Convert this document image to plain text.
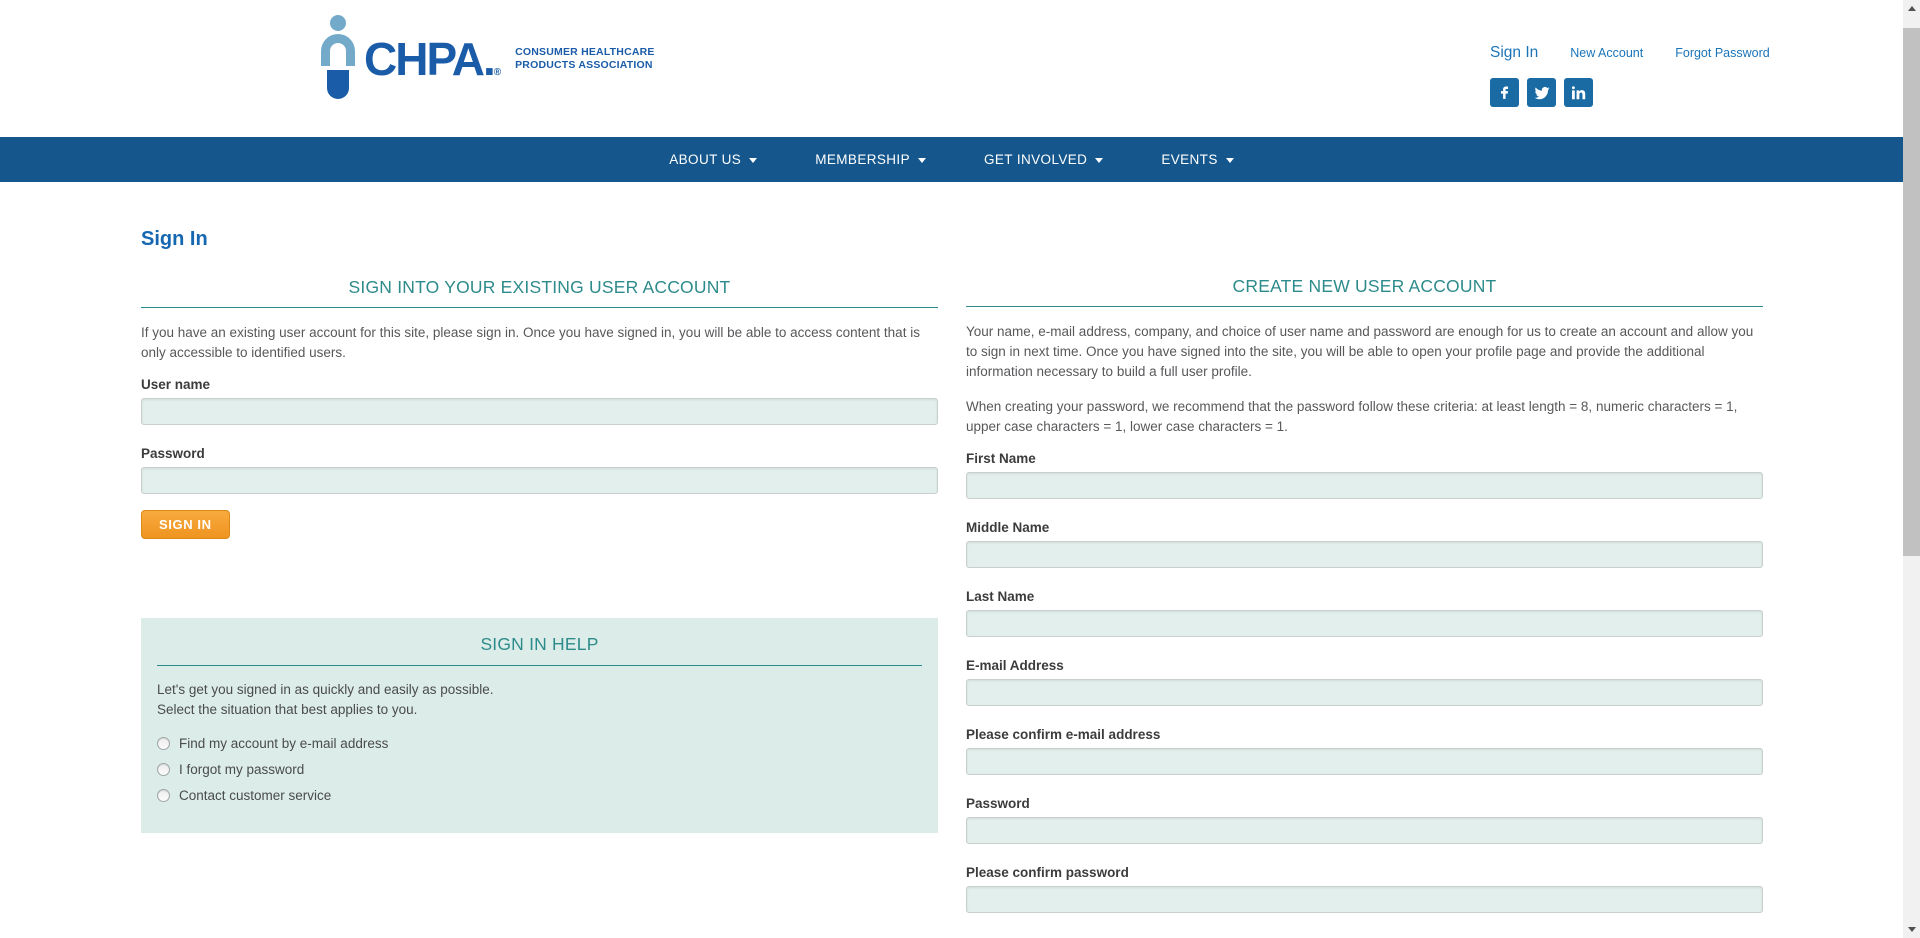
CHPA.®
CONSUMER HEALTHCARE
PRODUCTS ASSOCIATION
Sign In	New Account	Forgot Password
ABOUT US	MEMBERSHIP	GET INVOLVED	EVENTS
Sign In
SIGN INTO YOUR EXISTING USER ACCOUNT

If you have an existing user account for this site, please sign in. Once you have signed in, you will be able to access content that is only accessible to identified users.

User name
Password
SIGN IN
SIGN IN HELP
Let's get you signed in as quickly and easily as possible.
Select the situation that best applies to you.
Find my account by e-mail address
I forgot my password
Contact customer service
CREATE NEW USER ACCOUNT

Your name, e-mail address, company, and choice of user name and password are enough for us to create an account and allow you to sign in next time. Once you have signed into the site, you will be able to open your profile page and provide the additional information necessary to build a full user profile.

When creating your password, we recommend that the password follow these criteria: at least length = 8, numeric characters = 1, upper case characters = 1, lower case characters = 1.

First Name
Middle Name
Last Name
E-mail Address
Please confirm e-mail address
Password
Please confirm password
